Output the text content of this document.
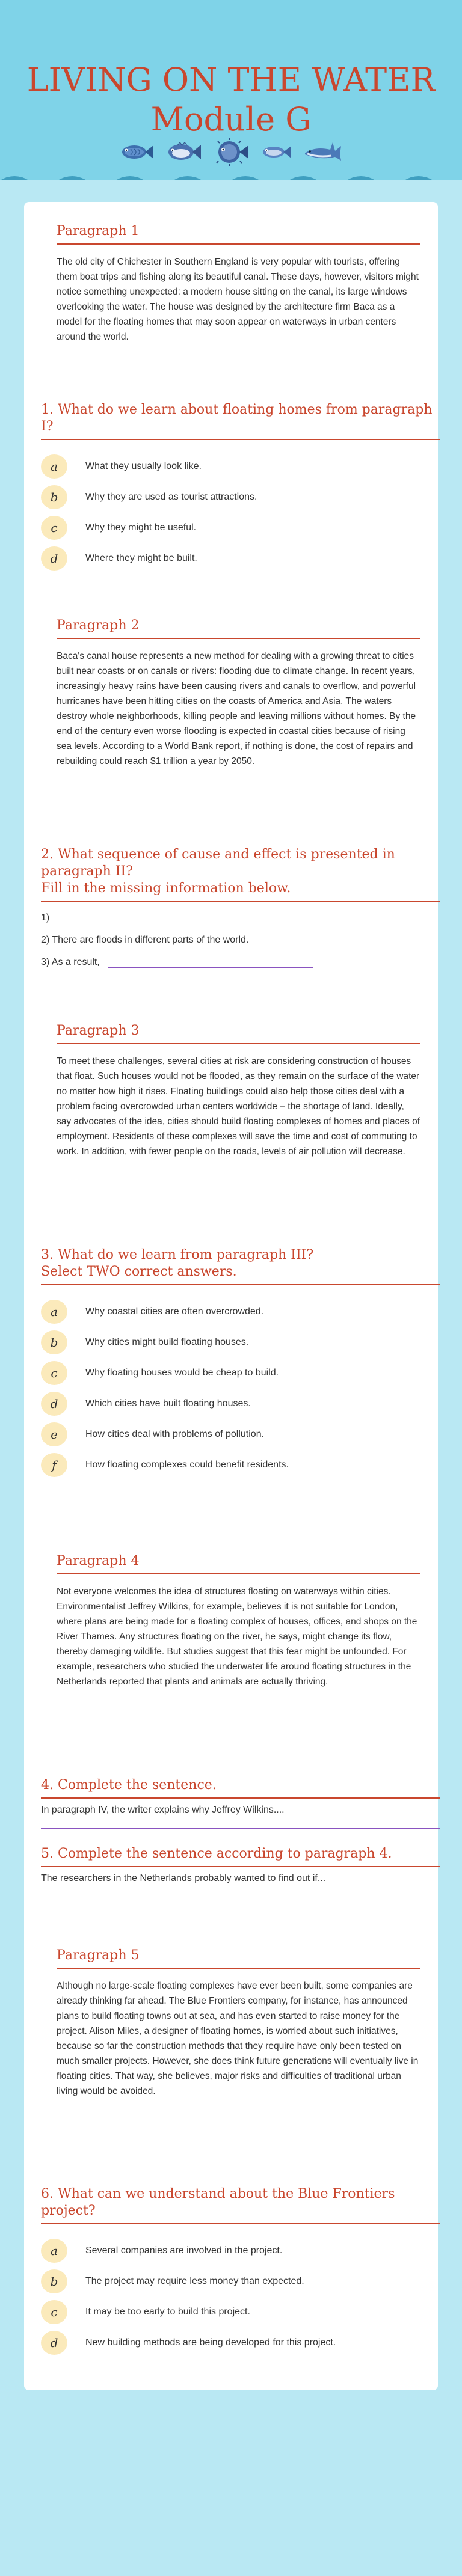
LIVING ON THE WATER
Module G
Paragraph 1
The old city of Chichester in Southern England is very popular with tourists, offering them boat trips and fishing along its beautiful canal. These days, however, visitors might notice something unexpected: a modern house sitting on the canal, its large windows overlooking the water. The house was designed by the architecture firm Baca as a model for the floating homes that may soon appear on waterways in urban centers around the world.
1. What do we learn about floating homes from paragraph I?
a	What they usually look like.
b	Why they are used as tourist attractions.
c	Why they might be useful.
d	Where they might be built.
Paragraph 2
Baca's canal house represents a new method for dealing with a growing threat to cities built near coasts or on canals or rivers: flooding due to climate change. In recent years, increasingly heavy rains have been causing rivers and canals to overflow, and powerful hurricanes have been hitting cities on the coasts of America and Asia. The waters destroy whole neighborhoods, killing people and leaving millions without homes. By the end of the century even worse flooding is expected in coastal cities because of rising sea levels. According to a World Bank report, if nothing is done, the cost of repairs and rebuilding could reach $1 trillion a year by 2050.
2. What sequence of cause and effect is presented in paragraph II?
Fill in the missing information below.
1)
2) There are floods in different parts of the world.
3) As a result,
Paragraph 3
To meet these challenges, several cities at risk are considering construction of houses that float. Such houses would not be flooded, as they remain on the surface of the water no matter how high it rises. Floating buildings could also help those cities deal with a problem facing overcrowded urban centers worldwide – the shortage of land. Ideally, say advocates of the idea, cities should build floating complexes of homes and places of employment. Residents of these complexes will save the time and cost of commuting to work. In addition, with fewer people on the roads, levels of air pollution will decrease.
3. What do we learn from paragraph III?
Select TWO correct answers.
a	Why coastal cities are often overcrowded.
b	Why cities might build floating houses.
c	Why floating houses would be cheap to build.
d	Which cities have built floating houses.
e	How cities deal with problems of pollution.
f	How floating complexes could benefit residents.
Paragraph 4
Not everyone welcomes the idea of structures floating on waterways within cities. Environmentalist Jeffrey Wilkins, for example, believes it is not suitable for London, where plans are being made for a floating complex of houses, offices, and shops on the River Thames. Any structures floating on the river, he says, might change its flow, thereby damaging wildlife. But studies suggest that this fear might be unfounded. For example, researchers who studied the underwater life around floating structures in the Netherlands reported that plants and animals are actually thriving.
4. Complete the sentence.
In paragraph IV, the writer explains why Jeffrey Wilkins....
5. Complete the sentence according to paragraph 4.
The researchers in the Netherlands probably wanted to find out if...
Paragraph 5
Although no large-scale floating complexes have ever been built, some companies are already thinking far ahead. The Blue Frontiers company, for instance, has announced plans to build floating towns out at sea, and has even started to raise money for the project. Alison Miles, a designer of floating homes, is worried about such initiatives, because so far the construction methods that they require have only been tested on much smaller projects. However, she does think future generations will eventually live in floating cities. That way, she believes, major risks and difficulties of traditional urban living would be avoided.
6. What can we understand about the Blue Frontiers project?
a	Several companies are involved in the project.
b	The project may require less money than expected.
c	It may be too early to build this project.
d	New building methods are being developed for this project.
